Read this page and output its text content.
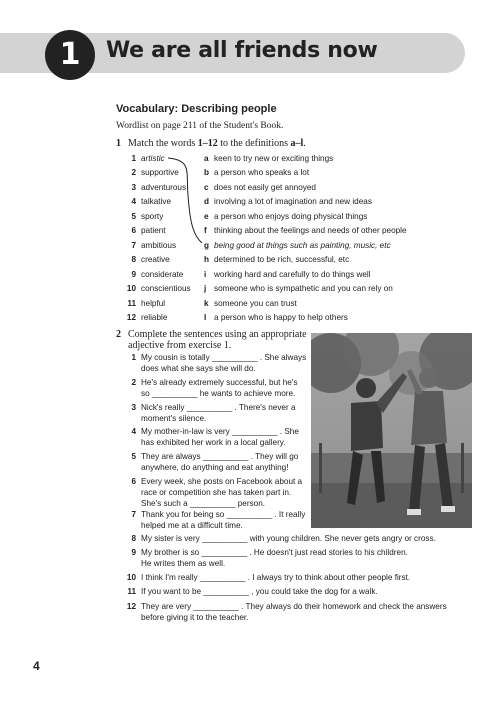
1	We are all friends now
Vocabulary: Describing people
Wordlist on page 211 of the Student's Book.
1 Match the words 1–12 to the definitions a–l.
1 artistic	a keen to try new or exciting things
2 supportive	b a person who speaks a lot
3 adventurous c does not easily get annoyed
4 talkative	d involving a lot of imagination and new ideas
5 sporty	e a person who enjoys doing physical things
6 patient	f thinking about the feelings and needs of other people
7 ambitious	g being good at things such as painting, music, etc
8 creative	h determined to be rich, successful, etc
9 considerate	i working hard and carefully to do things well
10 conscientious j someone who is sympathetic and you can rely on
11 helpful	k someone you can trust
12 reliable	l a person who is happy to help others
2 Complete the sentences using an appropriate
adjective from exercise 1.
1 My cousin is totally __________ . She always
does what she says she will do.
2 He's already extremely successful, but he's
so __________ he wants to achieve more.
3 Nick's really __________ . There's never a
moment's silence.
4 My mother-in-law is very __________ . She
has exhibited her work in a local gallery.
5 They are always __________ . They will go
anywhere, do anything and eat anything!
6 Every week, she posts on Facebook about a
race or competition she has taken part in.
She's such a __________ person.
7 Thank you for being so __________ . It really
helped me at a difficult time.
8 My sister is very __________ with young children. She never gets angry or cross.
9 My brother is so __________ . He doesn't just read stories to his children.
He writes them as well.
10 I think I'm really __________ . I always try to think about other people first.
11 If you want to be __________ , you could take the dog for a walk.
12 They are very __________ . They always do their homework and check the answers
before giving it to the teacher.
4
